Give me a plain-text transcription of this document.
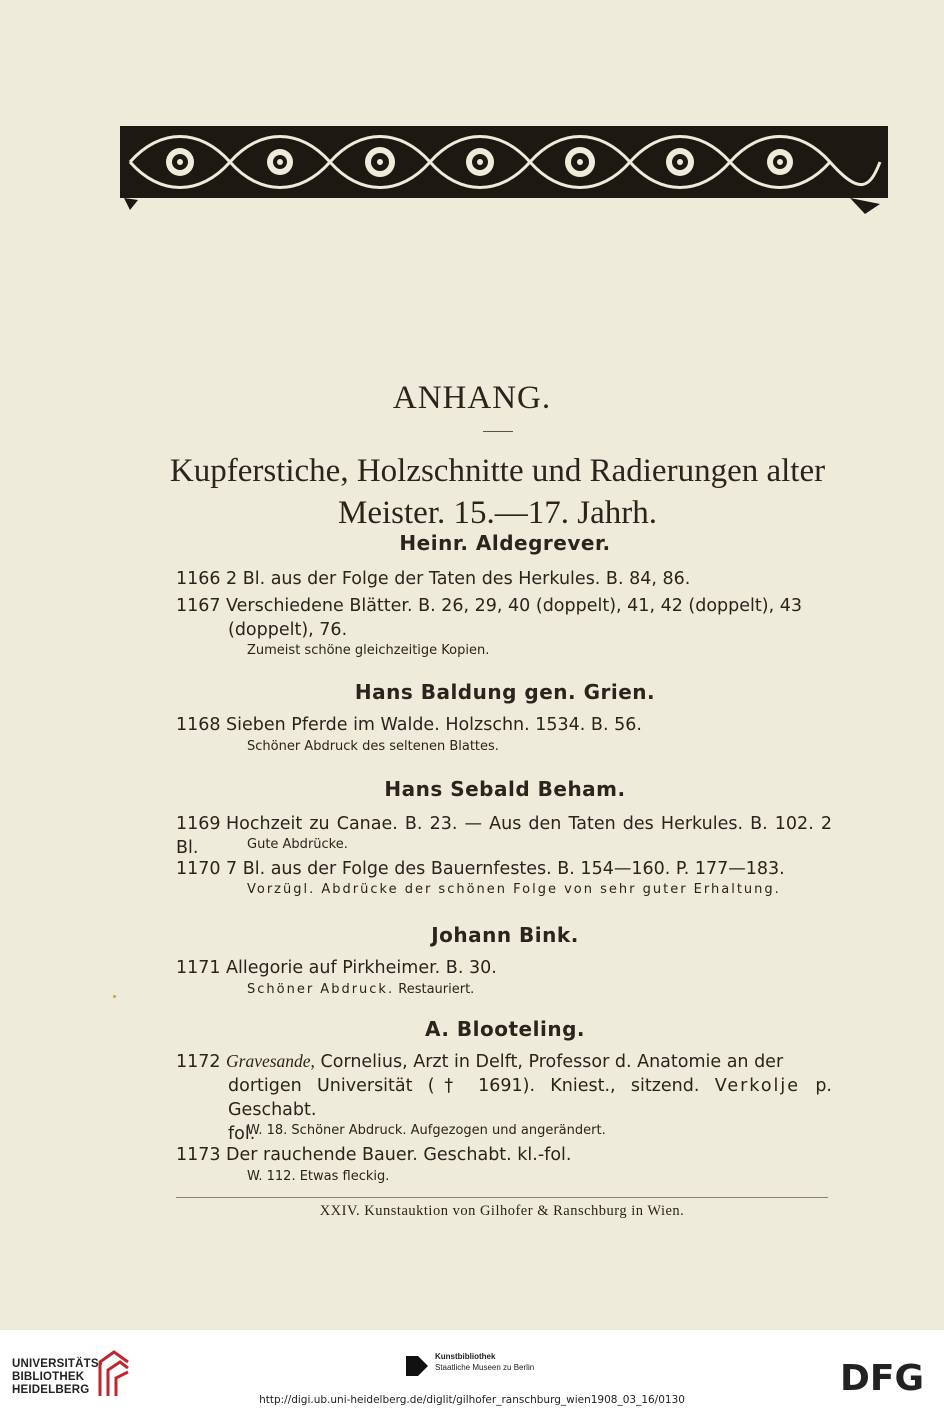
ANHANG.
Kupferstiche, Holzschnitte und Radierungen alter Meister. 15.—17. Jahrh.
Heinr. Aldegrever.
1166 2 Bl. aus der Folge der Taten des Herkules. B. 84, 86.
1167 Verschiedene Blätter. B. 26, 29, 40 (doppelt), 41, 42 (doppelt), 43
(doppelt), 76.
Zumeist schöne gleichzeitige Kopien.
Hans Baldung gen. Grien.
1168 Sieben Pferde im Walde. Holzschn. 1534. B. 56.
Schöner Abdruck des seltenen Blattes.
Hans Sebald Beham.
1169 Hochzeit zu Canae. B. 23. — Aus den Taten des Herkules. B. 102. 2 Bl.	Gute Abdrücke.
1170 7 Bl. aus der Folge des Bauernfestes. B. 154—160. P. 177—183.
Vorzügl. Abdrücke der schönen Folge von sehr guter Erhaltung.
Johann Bink.
1171 Allegorie auf Pirkheimer. B. 30.
Schöner Abdruck. Restauriert.
A. Blooteling.
1172 Gravesande, Cornelius, Arzt in Delft, Professor d. Anatomie an der
dortigen Universität († 1691). Kniest., sitzend. Verkolje p. Geschabt.
fol.
W. 18. Schöner Abdruck. Aufgezogen und angerändert.
1173 Der rauchende Bauer. Geschabt. kl.-fol.
W. 112. Etwas fleckig.
XXIV. Kunstauktion von Gilhofer & Ranschburg in Wien.
UNIVERSITÄTS-
BIBLIOTHEK
HEIDELBERG
Kunstbibliothek
Staatliche Museen zu Berlin	DFG
http://digi.ub.uni-heidelberg.de/diglit/gilhofer_ranschburg_wien1908_03_16/0130
